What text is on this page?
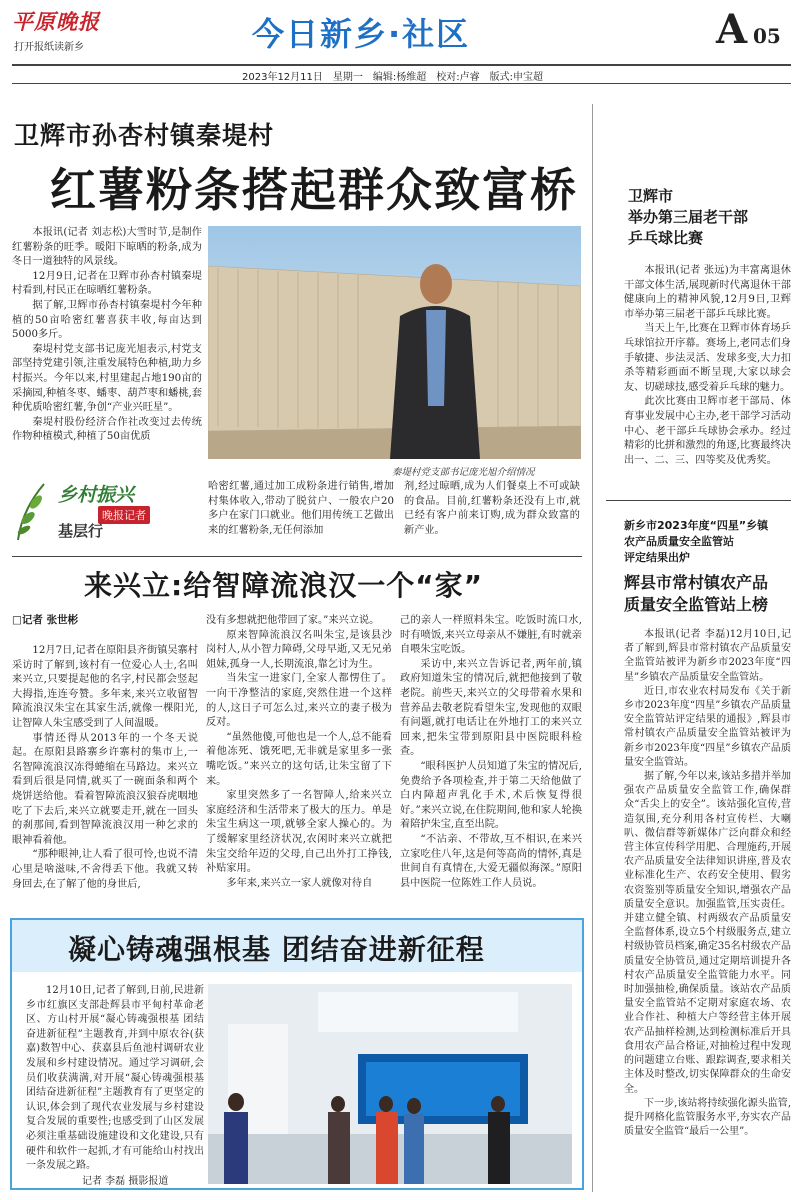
平原晚报
打开报纸读新乡	今日新乡·社区	A 05
2023年12月11日　星期一　编辑:杨维超　校对:卢睿　版式:申宝超
卫辉市孙杏村镇秦堤村
红薯粉条搭起群众致富桥

本报讯(记者 刘志松)大雪时节,是制作红薯粉条的旺季。暖阳下晾晒的粉条,成为冬日一道独特的风景线。

12月9日,记者在卫辉市孙杏村镇秦堤村看到,村民正在晾晒红薯粉条。

据了解,卫辉市孙杏村镇秦堤村今年种植的50亩哈密红薯喜获丰收,每亩达到5000多斤。

秦堤村党支部书记庞光旭表示,村党支部坚持党建引领,注重发展特色种植,助力乡村振兴。今年以来,村里建起占地190亩的采摘园,种植冬枣、蟠枣、葫芦枣和蟠桃,套种优质哈密红薯,争创“产业兴旺星”。

秦堤村股份经济合作社改变过去传统作物种植模式,种植了50亩优质

乡村振兴
晚报记者
基层行
秦堤村党支部书记庞光旭介绍情况

哈密红薯,通过加工成粉条进行销售,增加村集体收入,带动了脱贫户、一般农户20多户在家门口就业。他们用传统工艺做出来的红薯粉条,无任何添加

剂,经过晾晒,成为人们餐桌上不可或缺的食品。目前,红薯粉条还没有上市,就已经有客户前来订购,成为群众致富的新产业。

卫辉市
举办第三届老干部
乒乓球比赛

本报讯(记者 张远)为丰富离退休干部文体生活,展现新时代离退休干部健康向上的精神风貌,12月9日,卫辉市举办第三届老干部乒乓球比赛。

当天上午,比赛在卫辉市体育场乒乓球馆拉开序幕。赛场上,老同志们身手敏捷、步法灵活、发球多变,大力扣杀等精彩画面不断呈现,大家以球会友、切磋球技,感受着乒乓球的魅力。

此次比赛由卫辉市老干部局、体育事业发展中心主办,老干部学习活动中心、老干部乒乓球协会承办。经过精彩的比拼和激烈的角逐,比赛最终决出一、二、三、四等奖及优秀奖。

新乡市2023年度“四星”乡镇
农产品质量安全监管站
评定结果出炉
辉县市常村镇农产品
质量安全监管站上榜

本报讯(记者 李磊)12月10日,记者了解到,辉县市常村镇农产品质量安全监管站被评为新乡市2023年度“四星”乡镇农产品质量安全监管站。

近日,市农业农村局发布《关于新乡市2023年度“四星”乡镇农产品质量安全监管站评定结果的通报》,辉县市常村镇农产品质量安全监管站被评为新乡市2023年度“四星”乡镇农产品质量安全监管站。

据了解,今年以来,该站多措并举加强农产品质量安全监管工作,确保群众“舌尖上的安全”。该站强化宣传,营造氛围,充分利用各村宣传栏、大喇叭、微信群等新媒体广泛向群众和经营主体宣传科学用肥、合理施药,开展农产品质量安全法律知识讲座,普及农业标准化生产、农药安全使用、假劣农资鉴别等质量安全知识,增强农产品质量安全意识。加强监管,压实责任。并建立健全镇、村两级农产品质量安全监督体系,设立5个村级服务点,建立村级协管员档案,确定35名村级农产品质量安全协管员,通过定期培训提升各村农产品质量安全监管能力水平。同时加强抽检,确保质量。该站农产品质量安全监管站不定期对家庭农场、农业合作社、种植大户等经营主体开展农产品抽样检测,达到检测标准后开具食用农产品合格证,对抽检过程中发现的问题建立台账、跟踪调查,要求相关主体及时整改,切实保障群众的生命安全。

下一步,该站将持续强化源头监管,提升网格化监管服务水平,夯实农产品质量安全监管“最后一公里”。

来兴立:给智障流浪汉一个“家”
□记者 张世彬

12月7日,记者在原阳县齐街镇吴寨村采访时了解到,该村有一位爱心人士,名叫来兴立,只要提起他的名字,村民都会竖起大拇指,连连夸赞。多年来,来兴立收留智障流浪汉朱宝在其家生活,就像一棵阳光,让智障人朱宝感受到了人间温暖。

事情还得从2013年的一个冬天说起。在原阳县路寨乡许寨村的集市上,一名智障流浪汉冻得蜷缩在马路边。来兴立看到后很是同情,就买了一碗面条和两个烧饼送给他。看着智障流浪汉狼吞虎咽地吃了下去后,来兴立就要走开,就在一回头的刹那间,看到智障流浪汉用一种乞求的眼神看着他。

“那种眼神,让人看了很可怜,也说不清心里是啥滋味,不舍得丢下他。我就又转身回去,在了解了他的身世后,

没有多想就把他带回了家。”来兴立说。

原来智障流浪汉名叫朱宝,是该县沙岗村人,从小智力障碍,父母早逝,又无兄弟姐妹,孤身一人,长期流浪,靠乞讨为生。

当朱宝一进家门,全家人都愣住了。一向干净整洁的家庭,突然住进一个这样的人,这日子可怎么过,来兴立的妻子极为反对。

“虽然他傻,可他也是一个人,总不能看着他冻死、饿死吧,无非就是家里多一张嘴吃饭。”来兴立的这句话,让朱宝留了下来。

家里突然多了一名智障人,给来兴立家庭经济和生活带来了极大的压力。单是朱宝生病这一项,就够全家人操心的。为了缓解家里经济状况,农闲时来兴立就把朱宝交给年迈的父母,自己出外打工挣钱,补贴家用。

多年来,来兴立一家人就像对待自

己的亲人一样照料朱宝。吃饭时流口水,时有喷饭,来兴立母亲从不嫌脏,有时就亲自喂朱宝吃饭。

采访中,来兴立告诉记者,两年前,镇政府知道朱宝的情况后,就把他接到了敬老院。前些天,来兴立的父母带着水果和营养品去敬老院看望朱宝,发现他的双眼有问题,就打电话让在外地打工的来兴立回来,把朱宝带到原阳县中医院眼科检查。

“眼科医护人员知道了朱宝的情况后,免费给予各项检查,并于第二天给他做了白内障超声乳化手术,术后恢复得很好。”来兴立说,在住院期间,他和家人轮换着陪护朱宝,直至出院。

“不沾亲、不带故,互不相识,在来兴立家吃住八年,这是何等高尚的情怀,真是世间自有真情在,大爱无疆似海深。”原阳县中医院一位陈姓工作人员说。

凝心铸魂强根基 团结奋进新征程

12月10日,记者了解到,日前,民进新乡市红旗区支部赴辉县市平甸村革命老区、方山村开展“凝心铸魂强根基 团结奋进新征程”主题教育,并到中原农谷(获嘉)数智中心、获嘉县后鱼池村调研农业发展和乡村建设情况。通过学习调研,会员们收获满满,对开展“凝心铸魂强根基 团结奋进新征程”主题教育有了更坚定的认识,体会到了现代农业发展与乡村建设复合发展的重要性;也感受到了山区发展必须注重基础设施建设和文化建设,只有硬件和软件一起抓,才有可能给山村找出一条发展之路。

记者 李磊 摄影报道
